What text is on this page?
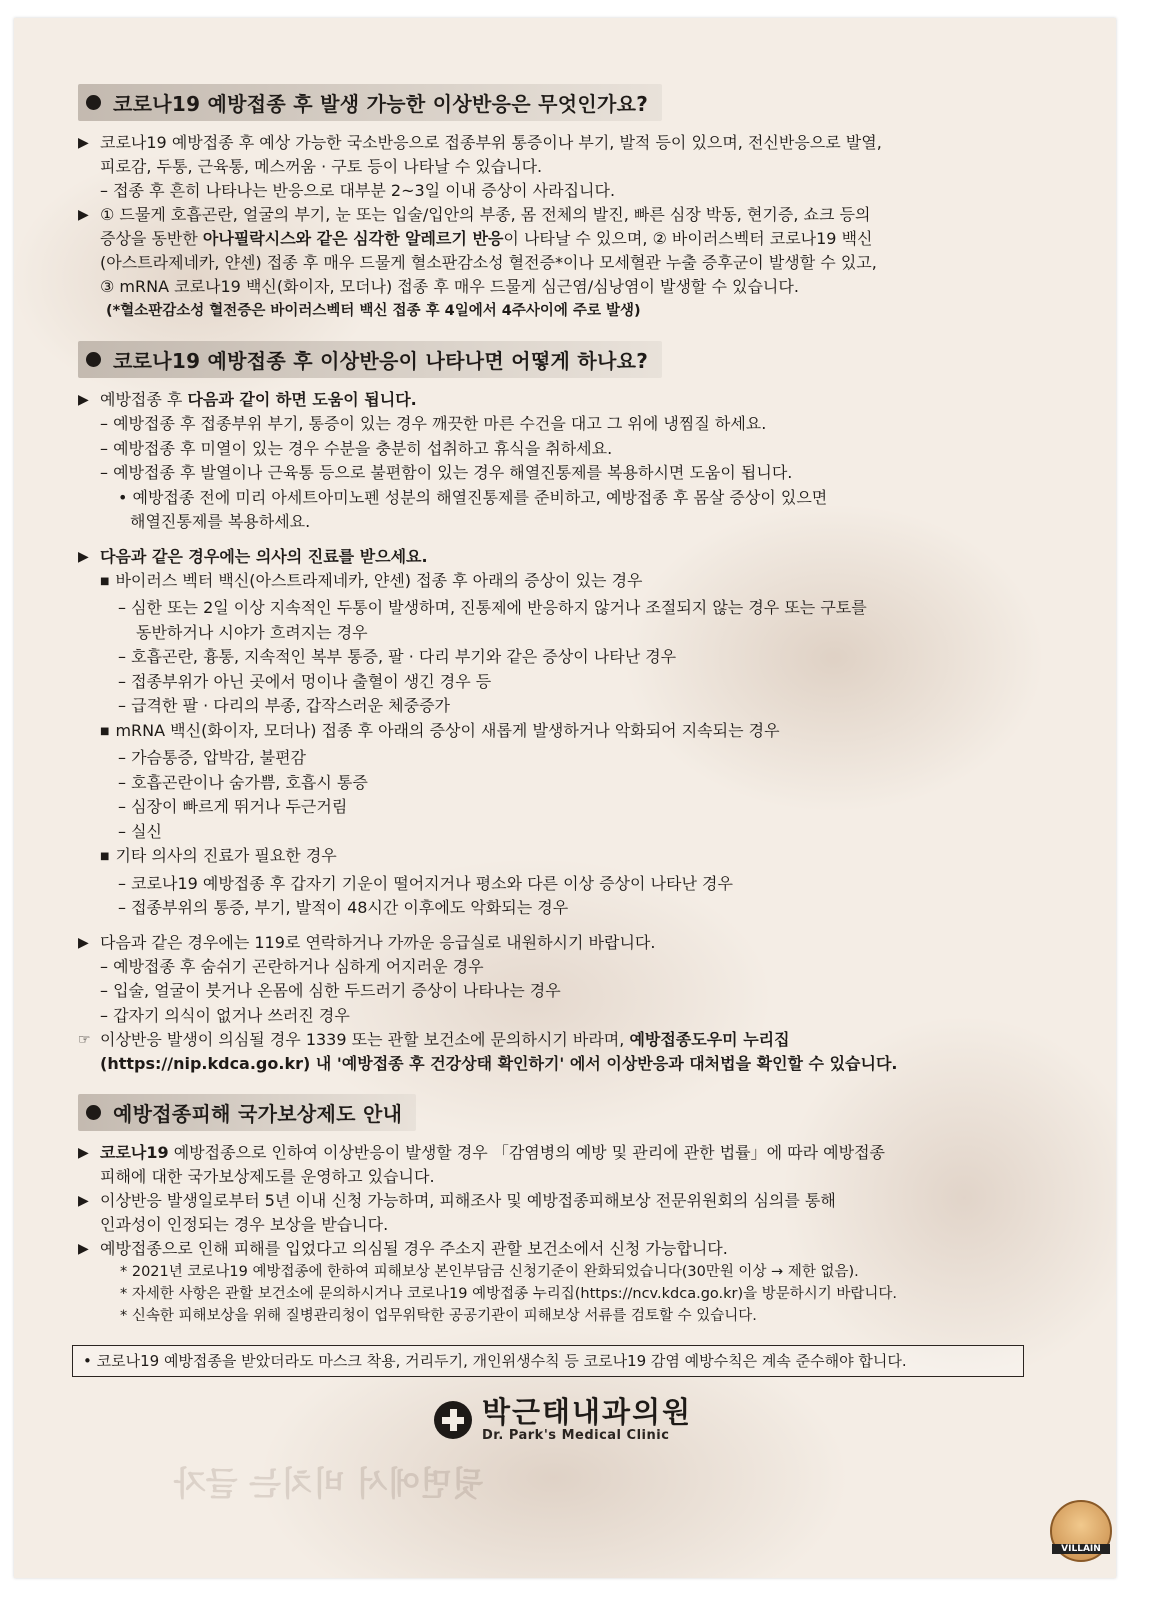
뒷면에서 비치는 글자
코로나19 예방접종 후 발생 가능한 이상반응은 무엇인가요?
▶ 코로나19 예방접종 후 예상 가능한 국소반응으로 접종부위 통증이나 부기, 발적 등이 있으며, 전신반응으로 발열,
피로감, 두통, 근육통, 메스꺼움 · 구토 등이 나타날 수 있습니다.
– 접종 후 흔히 나타나는 반응으로 대부분 2~3일 이내 증상이 사라집니다.
▶ ① 드물게 호흡곤란, 얼굴의 부기, 눈 또는 입술/입안의 부종, 몸 전체의 발진, 빠른 심장 박동, 현기증, 쇼크 등의
증상을 동반한 아나필락시스와 같은 심각한 알레르기 반응이 나타날 수 있으며, ② 바이러스벡터 코로나19 백신
(아스트라제네카, 얀센) 접종 후 매우 드물게 혈소판감소성 혈전증*이나 모세혈관 누출 증후군이 발생할 수 있고,
③ mRNA 코로나19 백신(화이자, 모더나) 접종 후 매우 드물게 심근염/심낭염이 발생할 수 있습니다.
(*혈소판감소성 혈전증은 바이러스벡터 백신 접종 후 4일에서 4주사이에 주로 발생)
코로나19 예방접종 후 이상반응이 나타나면 어떻게 하나요?
▶ 예방접종 후 다음과 같이 하면 도움이 됩니다.
– 예방접종 후 접종부위 부기, 통증이 있는 경우 깨끗한 마른 수건을 대고 그 위에 냉찜질 하세요.
– 예방접종 후 미열이 있는 경우 수분을 충분히 섭취하고 휴식을 취하세요.
– 예방접종 후 발열이나 근육통 등으로 불편함이 있는 경우 해열진통제를 복용하시면 도움이 됩니다.
• 예방접종 전에 미리 아세트아미노펜 성분의 해열진통제를 준비하고, 예방접종 후 몸살 증상이 있으면
해열진통제를 복용하세요.
▶ 다음과 같은 경우에는 의사의 진료를 받으세요.
■ 바이러스 벡터 백신(아스트라제네카, 얀센) 접종 후 아래의 증상이 있는 경우
– 심한 또는 2일 이상 지속적인 두통이 발생하며, 진통제에 반응하지 않거나 조절되지 않는 경우 또는 구토를
동반하거나 시야가 흐려지는 경우
– 호흡곤란, 흉통, 지속적인 복부 통증, 팔 · 다리 부기와 같은 증상이 나타난 경우
– 접종부위가 아닌 곳에서 멍이나 출혈이 생긴 경우 등
– 급격한 팔 · 다리의 부종, 갑작스러운 체중증가
■ mRNA 백신(화이자, 모더나) 접종 후 아래의 증상이 새롭게 발생하거나 악화되어 지속되는 경우
– 가슴통증, 압박감, 불편감
– 호흡곤란이나 숨가쁨, 호흡시 통증
– 심장이 빠르게 뛰거나 두근거림
– 실신
■ 기타 의사의 진료가 필요한 경우
– 코로나19 예방접종 후 갑자기 기운이 떨어지거나 평소와 다른 이상 증상이 나타난 경우
– 접종부위의 통증, 부기, 발적이 48시간 이후에도 악화되는 경우
▶ 다음과 같은 경우에는 119로 연락하거나 가까운 응급실로 내원하시기 바랍니다.
– 예방접종 후 숨쉬기 곤란하거나 심하게 어지러운 경우
– 입술, 얼굴이 붓거나 온몸에 심한 두드러기 증상이 나타나는 경우
– 갑자기 의식이 없거나 쓰러진 경우
☞ 이상반응 발생이 의심될 경우 1339 또는 관할 보건소에 문의하시기 바라며, 예방접종도우미 누리집
(https://nip.kdca.go.kr) 내 '예방접종 후 건강상태 확인하기' 에서 이상반응과 대처법을 확인할 수 있습니다.
예방접종피해 국가보상제도 안내
▶ 코로나19 예방접종으로 인하여 이상반응이 발생할 경우 「감염병의 예방 및 관리에 관한 법률」에 따라 예방접종
피해에 대한 국가보상제도를 운영하고 있습니다.
▶ 이상반응 발생일로부터 5년 이내 신청 가능하며, 피해조사 및 예방접종피해보상 전문위원회의 심의를 통해
인과성이 인정되는 경우 보상을 받습니다.
▶ 예방접종으로 인해 피해를 입었다고 의심될 경우 주소지 관할 보건소에서 신청 가능합니다.
* 2021년 코로나19 예방접종에 한하여 피해보상 본인부담금 신청기준이 완화되었습니다(30만원 이상 → 제한 없음).
* 자세한 사항은 관할 보건소에 문의하시거나 코로나19 예방접종 누리집(https://ncv.kdca.go.kr)을 방문하시기 바랍니다.
* 신속한 피해보상을 위해 질병관리청이 업무위탁한 공공기관이 피해보상 서류를 검토할 수 있습니다.
• 코로나19 예방접종을 받았더라도 마스크 착용, 거리두기, 개인위생수칙 등 코로나19 감염 예방수칙은 계속 준수해야 합니다.
박근태내과의원
Dr. Park's Medical Clinic
VILLAIN
